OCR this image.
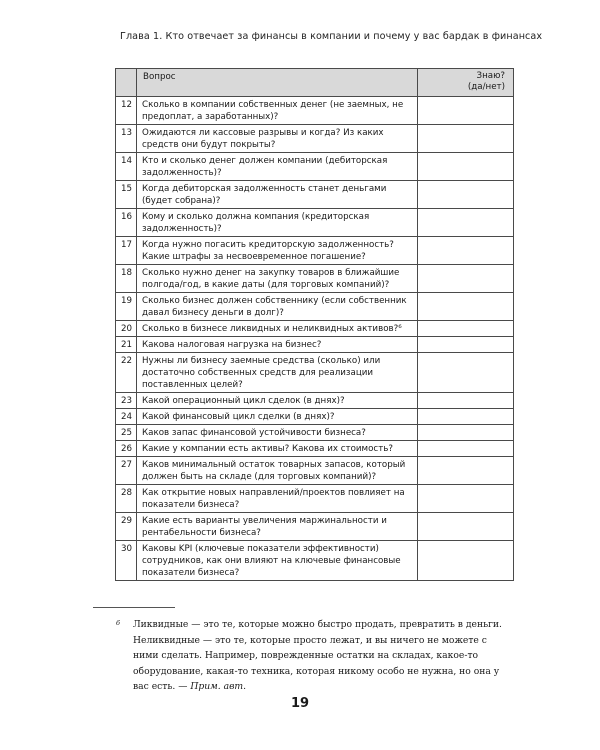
Глава 1. Кто отвечает за финансы в компании и почему у вас бардак в финансах
	Вопрос	Знаю?
(да/нет)
12	Сколько в компании собственных денег (не заемных, не предоплат, а заработанных)?	
13	Ожидаются ли кассовые разрывы и когда? Из каких средств они будут покрыты?	
14	Кто и сколько денег должен компании (дебиторская задолженность)?	
15	Когда дебиторская задолженность станет деньгами (будет собрана)?	
16	Кому и сколько должна компания (кредиторская задолженность)?	
17	Когда нужно погасить кредиторскую задолженность? Какие штрафы за несвоевременное погашение?	
18	Сколько нужно денег на закупку товаров в ближайшие полгода/год, в какие даты (для торговых компаний)?	
19	Сколько бизнес должен собственнику (если собственник давал бизнесу деньги в долг)?	
20	Сколько в бизнесе ликвидных и неликвидных активов?⁶	
21	Какова налоговая нагрузка на бизнес?	
22	Нужны ли бизнесу заемные средства (сколько) или достаточно собственных средств для реализации поставленных целей?	
23	Какой операционный цикл сделок (в днях)?	
24	Какой финансовый цикл сделки (в днях)?	
25	Каков запас финансовой устойчивости бизнеса?	
26	Какие у компании есть активы? Какова их стоимость?	
27	Каков минимальный остаток товарных запасов, который должен быть на складе (для торговых компаний)?	
28	Как открытие новых направлений/проектов повлияет на показатели бизнеса?	
29	Какие есть варианты увеличения маржинальности и рентабельности бизнеса?	
30	Каковы KPI (ключевые показатели эффективности) сотрудников, как они влияют на ключевые финансовые показатели бизнеса?	
6 Ликвидные — это те, которые можно быстро продать, превратить в деньги. Неликвидные — это те, которые просто лежат, и вы ничего не можете с ними сделать. Например, поврежденные остатки на складах, какое-то оборудование, какая-то техника, которая никому особо не нужна, но она у вас есть. — Прим. авт.
19
